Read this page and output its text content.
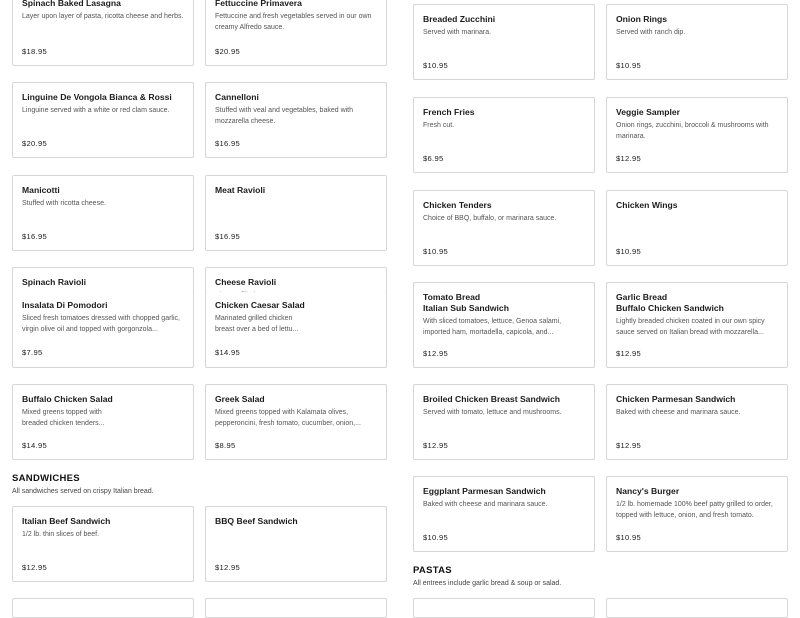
Spinach Baked Lasagna
Layer upon layer of pasta, ricotta cheese and herbs.
$18.95
Fettuccine Primavera
Fettuccine and fresh vegetables served in our own creamy Alfredo sauce.
$20.95
Linguine De Vongola Bianca & Rossi
Linguine served with a white or red clam sauce.
$20.95
Cannelloni
Stuffed with veal and vegetables, baked with mozzarella cheese.
$16.95
Manicotti
Stuffed with ricotta cheese.
$16.95
Meat Ravioli
$16.95
Spinach Ravioli	Cheese Ravioli
Insalata Di Pomodori
Sliced fresh tomatoes dressed with chopped garlic, virgin olive oil and topped with gorgonzola...
$7.95
Chicken Caesar Salad
Marinated grilled chicken breast over a bed of lettu...
$14.95
Buffalo Chicken Salad
Mixed greens topped with breaded chicken tenders...
$14.95
Greek Salad
Mixed greens topped with Kalamata olives, pepperoncini, fresh tomato, cucumber, onion,...
$8.95
SANDWICHES
All sandwiches served on crispy Italian bread.
Italian Beef Sandwich
1/2 lb. thin slices of beef.
$12.95
BBQ Beef Sandwich
$12.95
Breaded Zucchini
Served with marinara.
$10.95
Onion Rings
Served with ranch dip.
$10.95
French Fries
Fresh cut.
$6.95
Veggie Sampler
Onion rings, zucchini, broccoli & mushrooms with marinara.
$12.95
Chicken Tenders
Choice of BBQ, buffalo, or marinara sauce.
$10.95
Chicken Wings
$10.95
Tomato Bread
Italian Sub Sandwich
With sliced tomatoes, lettuce, Genoa salami, imported ham, mortadella, capicola, and...
$12.95
Garlic Bread
Buffalo Chicken Sandwich
Lightly breaded chicken coated in our own spicy sauce served on Italian bread with mozzarella...
$12.95
Broiled Chicken Breast Sandwich
Served with tomato, lettuce and mushrooms.
$12.95
Chicken Parmesan Sandwich
Baked with cheese and marinara sauce.
$12.95
Eggplant Parmesan Sandwich
Baked with cheese and marinara sauce.
$10.95
Nancy's Burger
1/2 lb. homemade 100% beef patty grilled to order, topped with lettuce, onion, and fresh tomato.
$10.95
PASTAS
All entrees include garlic bread & soup or salad.
